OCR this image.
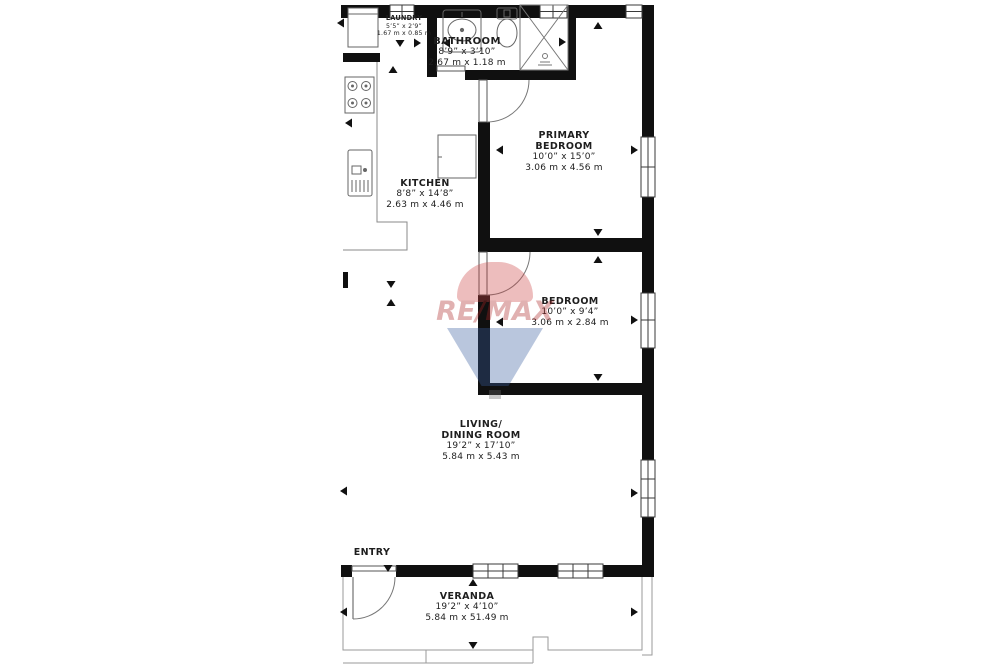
LAUNDRY
5’5” x 2’9”
1.67 m x 0.85 m
BATHROOM
8’9” x 3’10”
2.67 m x 1.18 m
PRIMARY
BEDROOM
10’0” x 15’0”
3.06 m x 4.56 m
KITCHEN
8’8” x 14’8”
2.63 m x 4.46 m
BEDROOM
10’0” x 9’4”
3.06 m x 2.84 m
LIVING/
DINING ROOM
19’2” x 17’10”
5.84 m x 5.43 m
ENTRY
VERANDA
19’2” x 4’10”
5.84 m x 51.49 m
RE/MAX
